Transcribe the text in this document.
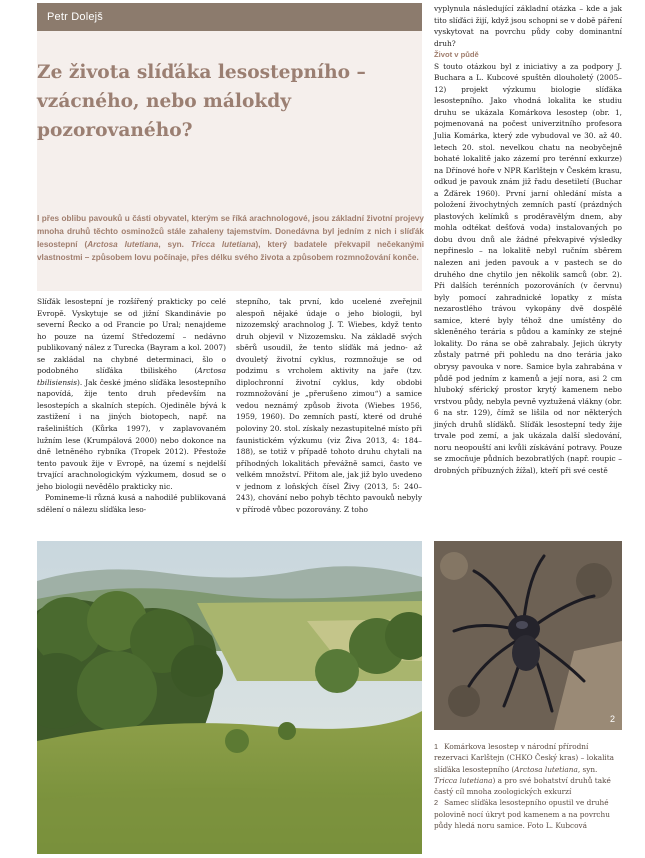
Petr Dolejš
Ze života slíďáka lesostepního – vzácného, nebo málokdy pozorovaného?

I přes oblibu pavouků u části obyvatel, kterým se říká arachnologové, jsou základní životní projevy mnoha druhů těchto osminožců stále zahaleny tajemstvím. Donedávna byl jedním z nich i slíďák lesostepní (Arctosa lutetiana, syn. Tricca lutetiana), který badatele překvapil nečekanými vlastnostmi – způsobem lovu počínaje, přes délku svého života a způsobem rozmnožování konče.

Slíďák lesostepní je rozšířený prakticky po celé Evropě. Vyskytuje se od jižní Skandinávie po severní Řecko a od Francie po Ural; nenajdeme ho pouze na území Středozemí – nedávno publikovaný nález z Turecka (Bayram a kol. 2007) se zakládal na chybné determinaci, šlo o podobného slíďáka tbiliského (Arctosa tbilisiensis). Jak české jméno slíďáka lesostepního napovídá, žije tento druh především na lesostepích a skalních stepích. Ojediněle bývá k zastižení i na jiných biotopech, např. na rašeliništích (Kůrka 1997), v zaplavovaném lužním lese (Krumpálová 2000) nebo dokonce na dně letněného rybníka (Tropek 2012). Přestože tento pavouk žije v Evropě, na území s nejdelší trvající arachnologickým výzkumem, dosud se o jeho biologii nevědělo prakticky nic.

Pominemе-li různá kusá a nahodilé publikovaná sdělení o nálezu slíďáka leso-

stepního, tak první, kdo ucelené zveřejnil alespoň nějaké údaje o jeho biologii, byl nizozemský arachnolog J. T. Wiebes, když tento druh objevil v Nizozemsku. Na základě svých sběrů usoudil, že tento slíďák má jedno- až dvouletý životní cyklus, rozmnožuje se od podzimu s vrcholem aktivity na jaře (tzv. diplochronní životní cyklus, kdy obdobi rozmnožování je „přerušeno zimou“) a samice vedou neznámý způsob života (Wiebes 1956, 1959, 1960). Do zemních pastí, které od druhé poloviny 20. stol. získaly nezastupitelné místo při faunistickém výzkumu (viz Živa 2013, 4: 184–188), se totiž v případě tohoto druhu chytali na příhodných lokalitách převážně samci, často ve velkém množství. Přitom ale, jak již bylo uvedeno v jednom z loňských čísel Živy (2013, 5: 240–243), chování nebo pohyb těchto pavouků nebyly v přírodě vůbec pozorovány. Z toho

vyplynula následující základní otázka – kde a jak tito slíďáci žijí, když jsou schopni se v době páření vyskytovat na povrchu půdy coby dominantní druh?

Život v půdě

S touto otázkou byl z iniciativy a za podpory J. Buchara a L. Kubcové spuštěn dlouholetý (2005–12) projekt výzkumu biologie slíďáka lesostepního. Jako vhodná lokalita ke studiu druhu se ukázala Komárkova lesostep (obr. 1, pojmenovaná na počest univerzitního profesora Julia Komárka, který zde vybudoval ve 30. až 40. letech 20. stol. nevelkou chatu na neobyčejně bohaté lokalitě jako zázemí pro terénní exkurze) na Dřínové hoře v NPR Karlštejn v Českém krasu, odkud je pavouk znám již řadu desetiletí (Buchar a Žďárek 1960). První jarní ohledání místa a položení živochytných zemních pastí (prázdných plastových kelímků s proděravělým dnem, aby mohla odtékat dešťová voda) instalovaných po dobu dvou dnů ale žádné překvapivé výsledky nepřineslo – na lokalitě nebyl ručním sběrem nalezen ani jeden pavouk a v pastech se do druhého dne chytilo jen několik samců (obr. 2). Při dalších terénních pozorováních (v červnu) byly pomocí zahradnické lopatky z místa nezarostlého trávou vykopány dvě dospělé samice, které byly téhož dne umístěny do skleněného terária s půdou a kamínky ze stejné lokality. Do rána se obě zahrabaly. Jejich úkryty zůstaly patrné při pohledu na dno terária jako obrysy pavouka v nore. Samice byla zahrabána v půdě pod jedním z kamenů a její nora, asi 2 cm hluboký sférický prostor krytý kamenem nebo vrstvou půdy, nebyla pevně vyztužená vlákny (obr. 6 na str. 129), čímž se lišila od nor některých jiných druhů slíďáků. Slíďák lesostepní tedy žije trvale pod zemí, a jak ukázala další sledování, noru neopouští ani kvůli získávání potravy. Pouze se zmocňuje půdních bezobratlých (např. roupic – drobných příbuzných žížal), kteří při své cestě

2

1 Komárkova lesostep v národní přírodní rezervaci Karlštejn (CHKO Český kras) – lokalita slíďáka lesostepního (Arctosa lutetiana, syn. Tricca lutetiana) a pro své bohatství druhů také častý cíl mnoha zoologických exkurzí

2 Samec slíďáka lesostepního opustil ve druhé polovině nocí úkryt pod kamenem a na povrchu půdy hledá noru samice. Foto L. Kubcová
